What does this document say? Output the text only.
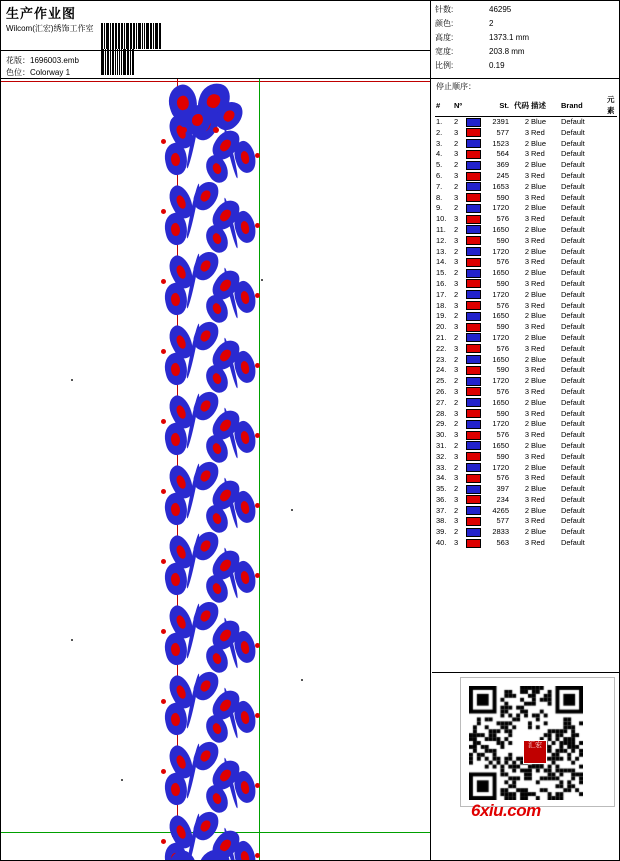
生产作业图
Wilcom(汇宏)绣饰工作室
花版：1696003.emb
色位：Colorway 1
针数:	46295
颜色:	2
高度:	1373.1 mm
宽度:	203.8 mm
比例:	0.19
停止顺序：
#	Nº		St.	代码	描述	Brand	元素
1.	2		2391	2	Blue	Default	
2.	3		577	3	Red	Default	
3.	2		1523	2	Blue	Default	
4.	3		564	3	Red	Default	
5.	2		369	2	Blue	Default	
6.	3		245	3	Red	Default	
7.	2		1653	2	Blue	Default	
8.	3		590	3	Red	Default	
9.	2		1720	2	Blue	Default	
10.	3		576	3	Red	Default	
11.	2		1650	2	Blue	Default	
12.	3		590	3	Red	Default	
13.	2		1720	2	Blue	Default	
14.	3		576	3	Red	Default	
15.	2		1650	2	Blue	Default	
16.	3		590	3	Red	Default	
17.	2		1720	2	Blue	Default	
18.	3		576	3	Red	Default	
19.	2		1650	2	Blue	Default	
20.	3		590	3	Red	Default	
21.	2		1720	2	Blue	Default	
22.	3		576	3	Red	Default	
23.	2		1650	2	Blue	Default	
24.	3		590	3	Red	Default	
25.	2		1720	2	Blue	Default	
26.	3		576	3	Red	Default	
27.	2		1650	2	Blue	Default	
28.	3		590	3	Red	Default	
29.	2		1720	2	Blue	Default	
30.	3		576	3	Red	Default	
31.	2		1650	2	Blue	Default	
32.	3		590	3	Red	Default	
33.	2		1720	2	Blue	Default	
34.	3		576	3	Red	Default	
35.	2		397	2	Blue	Default	
36.	3		234	3	Red	Default	
37.	2		4265	2	Blue	Default	
38.	3		577	3	Red	Default	
39.	2		2833	2	Blue	Default	
40.	3		563	3	Red	Default	
汇宏
6xiu.com
